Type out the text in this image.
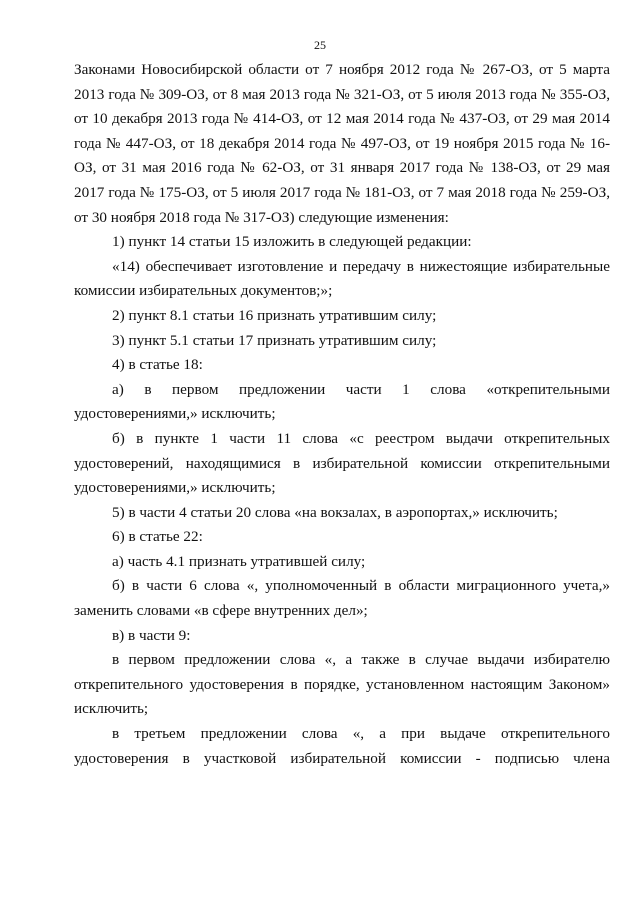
25

Законами Новосибирской области от 7 ноября 2012 года № 267-ОЗ, от 5 марта 2013 года № 309-ОЗ, от 8 мая 2013 года № 321-ОЗ, от 5 июля 2013 года № 355-ОЗ, от 10 декабря 2013 года № 414-ОЗ, от 12 мая 2014 года № 437-ОЗ, от 29 мая 2014 года № 447-ОЗ, от 18 декабря 2014 года № 497-ОЗ, от 19 ноября 2015 года № 16-ОЗ, от 31 мая 2016 года № 62-ОЗ, от 31 января 2017 года № 138-ОЗ, от 29 мая 2017 года № 175-ОЗ, от 5 июля 2017 года № 181-ОЗ, от 7 мая 2018 года № 259-ОЗ, от 30 ноября 2018 года № 317-ОЗ) следующие изменения:

1) пункт 14 статьи 15 изложить в следующей редакции:

«14) обеспечивает изготовление и передачу в нижестоящие избирательные комиссии избирательных документов;»;

2) пункт 8.1 статьи 16 признать утратившим силу;

3) пункт 5.1 статьи 17 признать утратившим силу;

4) в статье 18:

а) в первом предложении части 1 слова «открепительными удостоверениями,» исключить;

б) в пункте 1 части 11 слова «с реестром выдачи открепительных удостоверений, находящимися в избирательной комиссии открепительными удостоверениями,» исключить;

5) в части 4 статьи 20 слова «на вокзалах, в аэропортах,» исключить;

6) в статье 22:

а) часть 4.1 признать утратившей силу;

б) в части 6 слова «, уполномоченный в области миграционного учета,» заменить словами «в сфере внутренних дел»;

в) в части 9:

в первом предложении слова «, а также в случае выдачи избирателю открепительного удостоверения в порядке, установленном настоящим Законом» исключить;

в третьем предложении слова «, а при выдаче открепительного удостоверения в участковой избирательной комиссии - подписью члена
